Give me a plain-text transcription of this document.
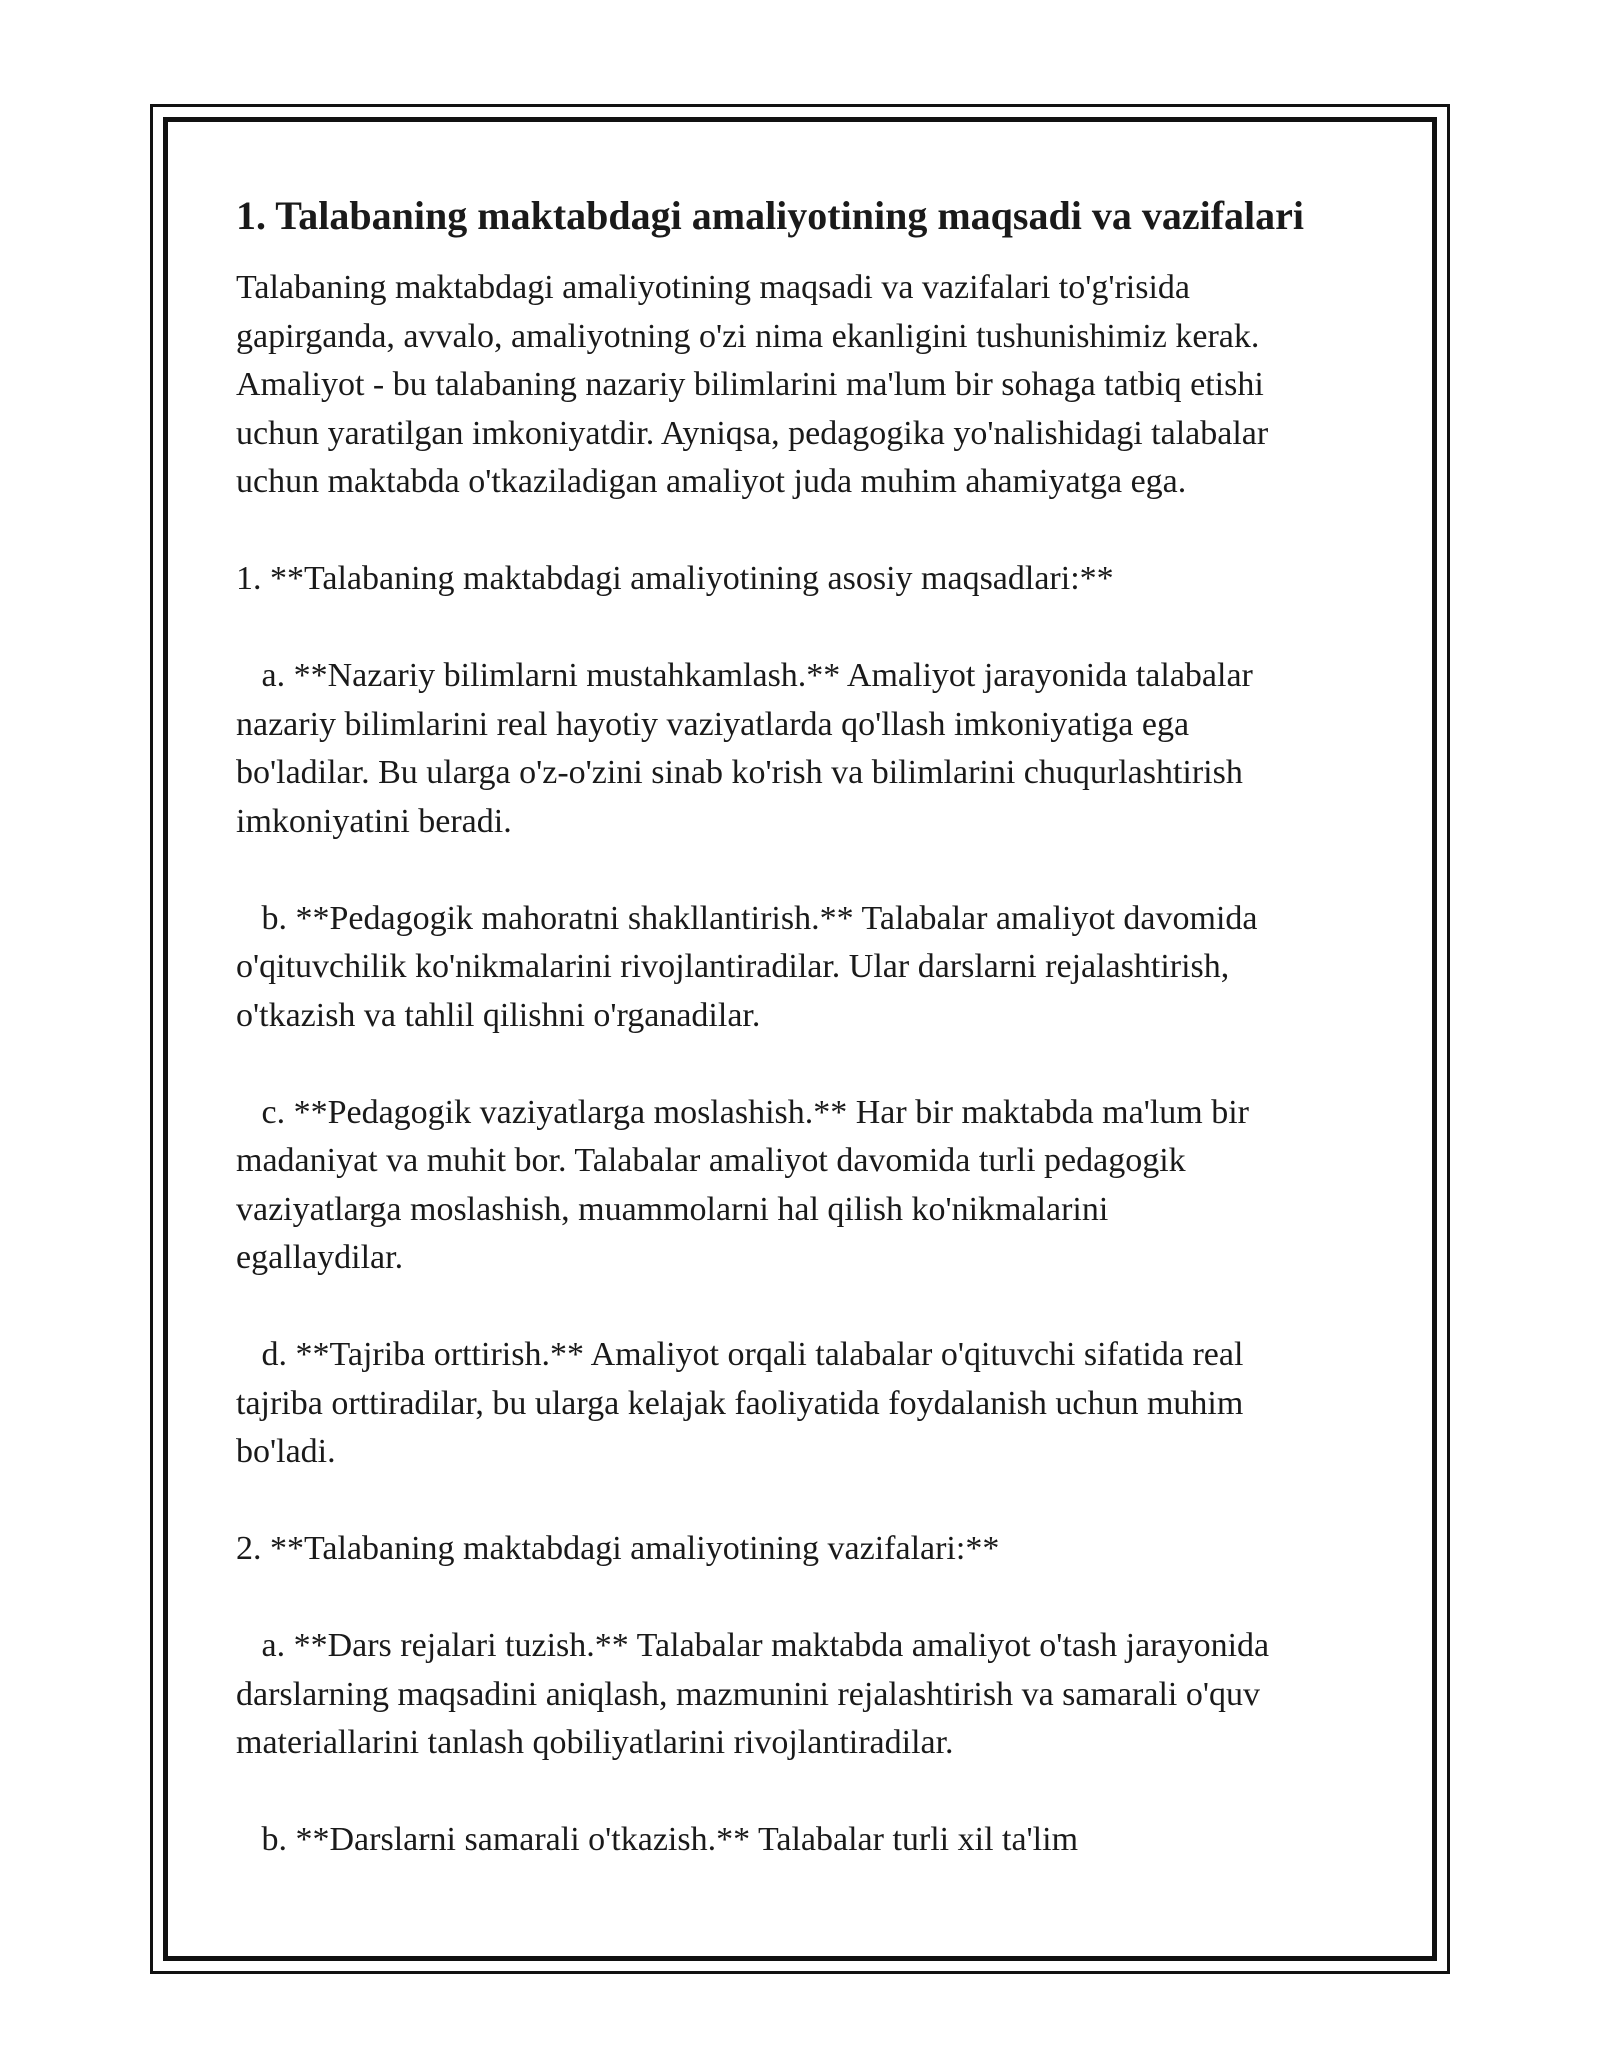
1. Talabaning maktabdagi amaliyotining maqsadi va vazifalari

Talabaning maktabdagi amaliyotining maqsadi va vazifalari to'g'risida
gapirganda, avvalo, amaliyotning o'zi nima ekanligini tushunishimiz kerak.
Amaliyot - bu talabaning nazariy bilimlarini ma'lum bir sohaga tatbiq etishi
uchun yaratilgan imkoniyatdir. Ayniqsa, pedagogika yo'nalishidagi talabalar
uchun maktabda o'tkaziladigan amaliyot juda muhim ahamiyatga ega.

1. **Talabaning maktabdagi amaliyotining asosiy maqsadlari:**

a. **Nazariy bilimlarni mustahkamlash.** Amaliyot jarayonida talabalar
nazariy bilimlarini real hayotiy vaziyatlarda qo'llash imkoniyatiga ega
bo'ladilar. Bu ularga o'z-o'zini sinab ko'rish va bilimlarini chuqurlashtirish
imkoniyatini beradi.

b. **Pedagogik mahoratni shakllantirish.** Talabalar amaliyot davomida
o'qituvchilik ko'nikmalarini rivojlantiradilar. Ular darslarni rejalashtirish,
o'tkazish va tahlil qilishni o'rganadilar.

c. **Pedagogik vaziyatlarga moslashish.** Har bir maktabda ma'lum bir
madaniyat va muhit bor. Talabalar amaliyot davomida turli pedagogik
vaziyatlarga moslashish, muammolarni hal qilish ko'nikmalarini
egallaydilar.

d. **Tajriba orttirish.** Amaliyot orqali talabalar o'qituvchi sifatida real
tajriba orttiradilar, bu ularga kelajak faoliyatida foydalanish uchun muhim
bo'ladi.

2. **Talabaning maktabdagi amaliyotining vazifalari:**

a. **Dars rejalari tuzish.** Talabalar maktabda amaliyot o'tash jarayonida
darslarning maqsadini aniqlash, mazmunini rejalashtirish va samarali o'quv
materiallarini tanlash qobiliyatlarini rivojlantiradilar.

b. **Darslarni samarali o'tkazish.** Talabalar turli xil ta'lim
